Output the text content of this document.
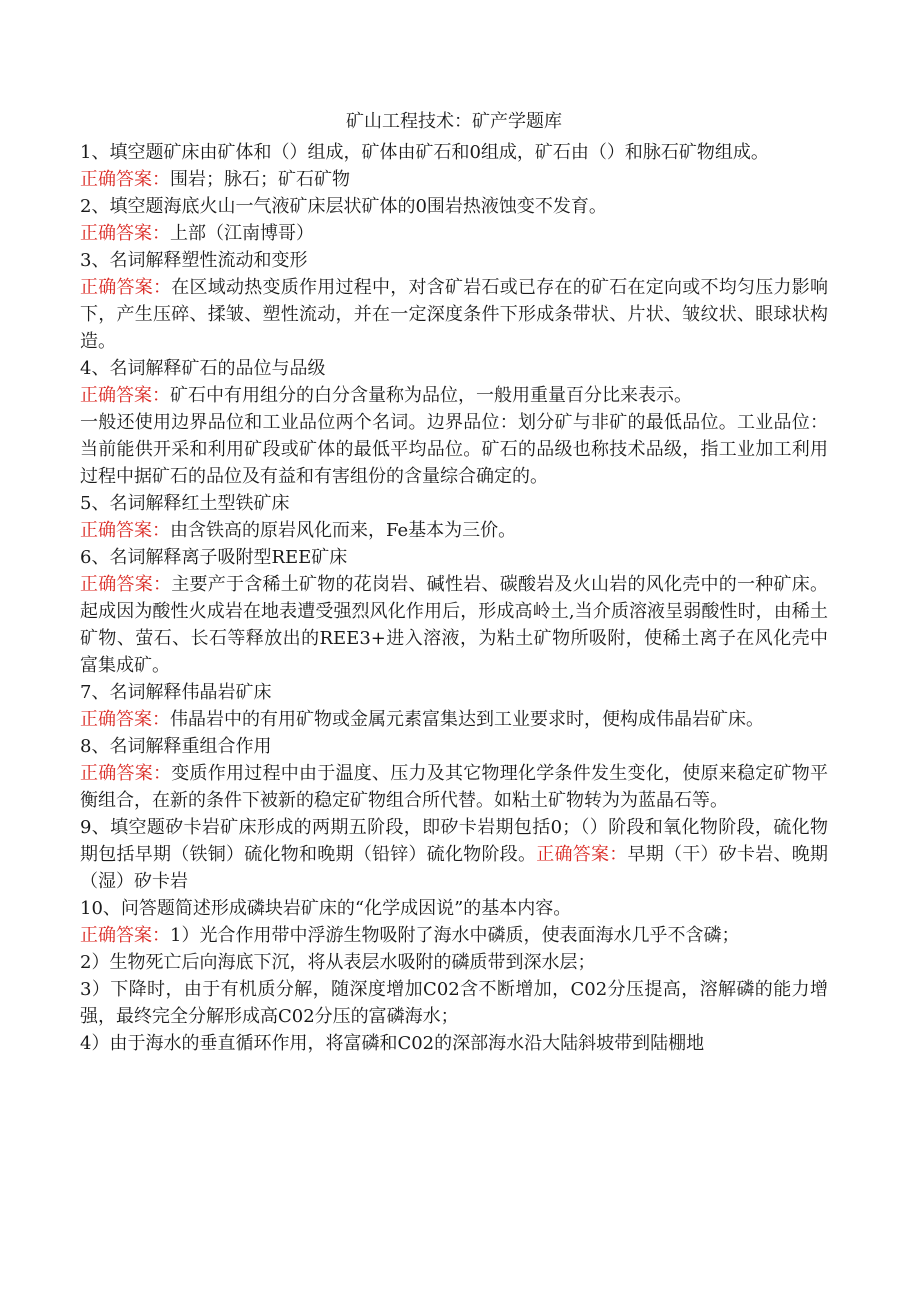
矿山工程技术：矿产学题库

1、填空题矿床由矿体和（）组成，矿体由矿石和0组成，矿石由（）和脉石矿物组成。

正确答案：围岩；脉石；矿石矿物

2、填空题海底火山一气液矿床层状矿体的0围岩热液蚀变不发育。

正确答案：上部（江南博哥）

3、名词解释塑性流动和变形

正确答案：在区域动热变质作用过程中，对含矿岩石或已存在的矿石在定向或不均匀压力影响下，产生压碎、揉皱、塑性流动，并在一定深度条件下形成条带状、片状、皱纹状、眼球状构造。

4、名词解释矿石的品位与品级

正确答案：矿石中有用组分的白分含量称为品位，一般用重量百分比来表示。

一般还使用边界品位和工业品位两个名词。边界品位：划分矿与非矿的最低品位。工业品位：当前能供开采和利用矿段或矿体的最低平均品位。矿石的品级也称技术品级，指工业加工利用过程中据矿石的品位及有益和有害组份的含量综合确定的。

5、名词解释红土型铁矿床

正确答案：由含铁高的原岩风化而来，Fe基本为三价。

6、名词解释离子吸附型REE矿床

正确答案：主要产于含稀土矿物的花岗岩、碱性岩、碳酸岩及火山岩的风化壳中的一种矿床。起成因为酸性火成岩在地表遭受强烈风化作用后，形成高岭土,当介质溶液呈弱酸性时，由稀土矿物、萤石、长石等释放出的REE3+进入溶液，为粘土矿物所吸附，使稀土离子在风化壳中富集成矿。

7、名词解释伟晶岩矿床

正确答案：伟晶岩中的有用矿物或金属元素富集达到工业要求时，便构成伟晶岩矿床。

8、名词解释重组合作用

正确答案：变质作用过程中由于温度、压力及其它物理化学条件发生变化，使原来稳定矿物平衡组合，在新的条件下被新的稳定矿物组合所代替。如粘土矿物转为为蓝晶石等。

9、填空题矽卡岩矿床形成的两期五阶段，即矽卡岩期包括0；（）阶段和氧化物阶段，硫化物期包括早期（铁铜）硫化物和晚期（铅锌）硫化物阶段。正确答案：早期（干）矽卡岩、晚期（湿）矽卡岩

10、问答题简述形成磷块岩矿床的“化学成因说”的基本内容。

正确答案：1）光合作用带中浮游生物吸附了海水中磷质，使表面海水几乎不含磷；

2）生物死亡后向海底下沉，将从表层水吸附的磷质带到深水层；

3）下降时，由于有机质分解，随深度增加C02含不断增加，C02分压提高，溶解磷的能力增强，最终完全分解形成高C02分压的富磷海水；

4）由于海水的垂直循环作用，将富磷和C02的深部海水沿大陆斜坡带到陆棚地
